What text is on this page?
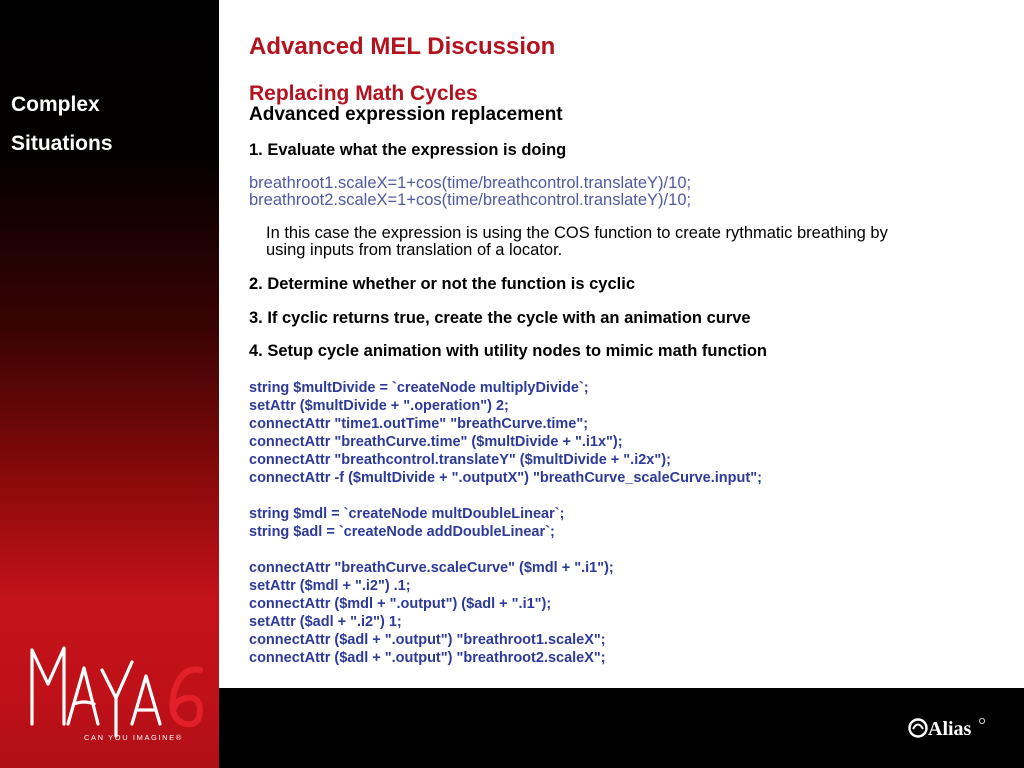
Complex
Situations
MAYA
6
CAN YOU IMAGINE®	Alias
Advanced MEL Discussion
Replacing Math Cycles
Advanced expression replacement
1. Evaluate what the expression is doing
breathroot1.scaleX=1+cos(time/breathcontrol.translateY)/10;
breathroot2.scaleX=1+cos(time/breathcontrol.translateY)/10;
In this case the expression is using the COS function to create rythmatic breathing by using inputs from translation of a locator.
2. Determine whether or not the function is cyclic
3. If cyclic returns true, create the cycle with an animation curve
4. Setup cycle animation with utility nodes to mimic math function
string $multDivide = `createNode multiplyDivide`;
setAttr ($multDivide + ".operation") 2;
connectAttr "time1.outTime" "breathCurve.time";
connectAttr "breathCurve.time" ($multDivide + ".i1x");
connectAttr "breathcontrol.translateY" ($multDivide + ".i2x");
connectAttr -f ($multDivide + ".outputX") "breathCurve_scaleCurve.input";
string $mdl = `createNode multDoubleLinear`;
string $adl = `createNode addDoubleLinear`;
connectAttr "breathCurve.scaleCurve" ($mdl + ".i1");
setAttr ($mdl + ".i2") .1;
connectAttr ($mdl + ".output") ($adl + ".i1");
setAttr ($adl + ".i2") 1;
connectAttr ($adl + ".output") "breathroot1.scaleX";
connectAttr ($adl + ".output") "breathroot2.scaleX";
